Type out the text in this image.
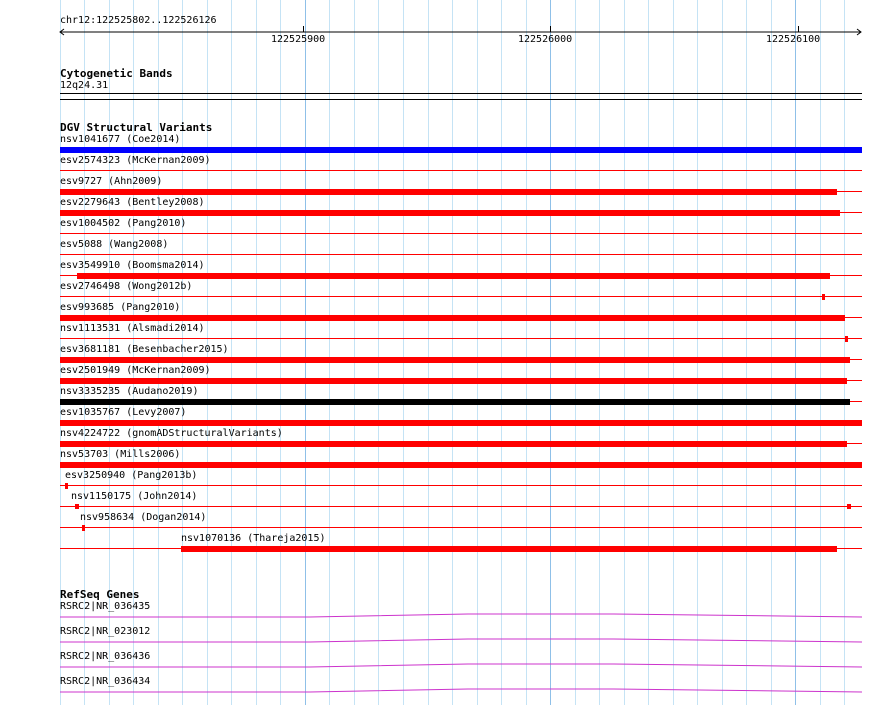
chr12:122525802..122526126
122525900	122526000	122526100
Cytogenetic Bands
12q24.31
DGV Structural Variants
nsv1041677 (Coe2014)
esv2574323 (McKernan2009)
esv9727 (Ahn2009)
esv2279643 (Bentley2008)
esv1004502 (Pang2010)
esv5088 (Wang2008)
esv3549910 (Boomsma2014)
esv2746498 (Wong2012b)
esv993685 (Pang2010)
nsv1113531 (Alsmadi2014)
esv3681181 (Besenbacher2015)
esv2501949 (McKernan2009)
nsv3335235 (Audano2019)
esv1035767 (Levy2007)
nsv4224722 (gnomADStructuralVariants)
nsv53703 (Mills2006)
esv3250940 (Pang2013b)
nsv1150175 (John2014)
nsv958634 (Dogan2014)
nsv1070136 (Thareja2015)
RefSeq Genes
RSRC2|NR_036435
RSRC2|NR_023012
RSRC2|NR_036436
RSRC2|NR_036434
